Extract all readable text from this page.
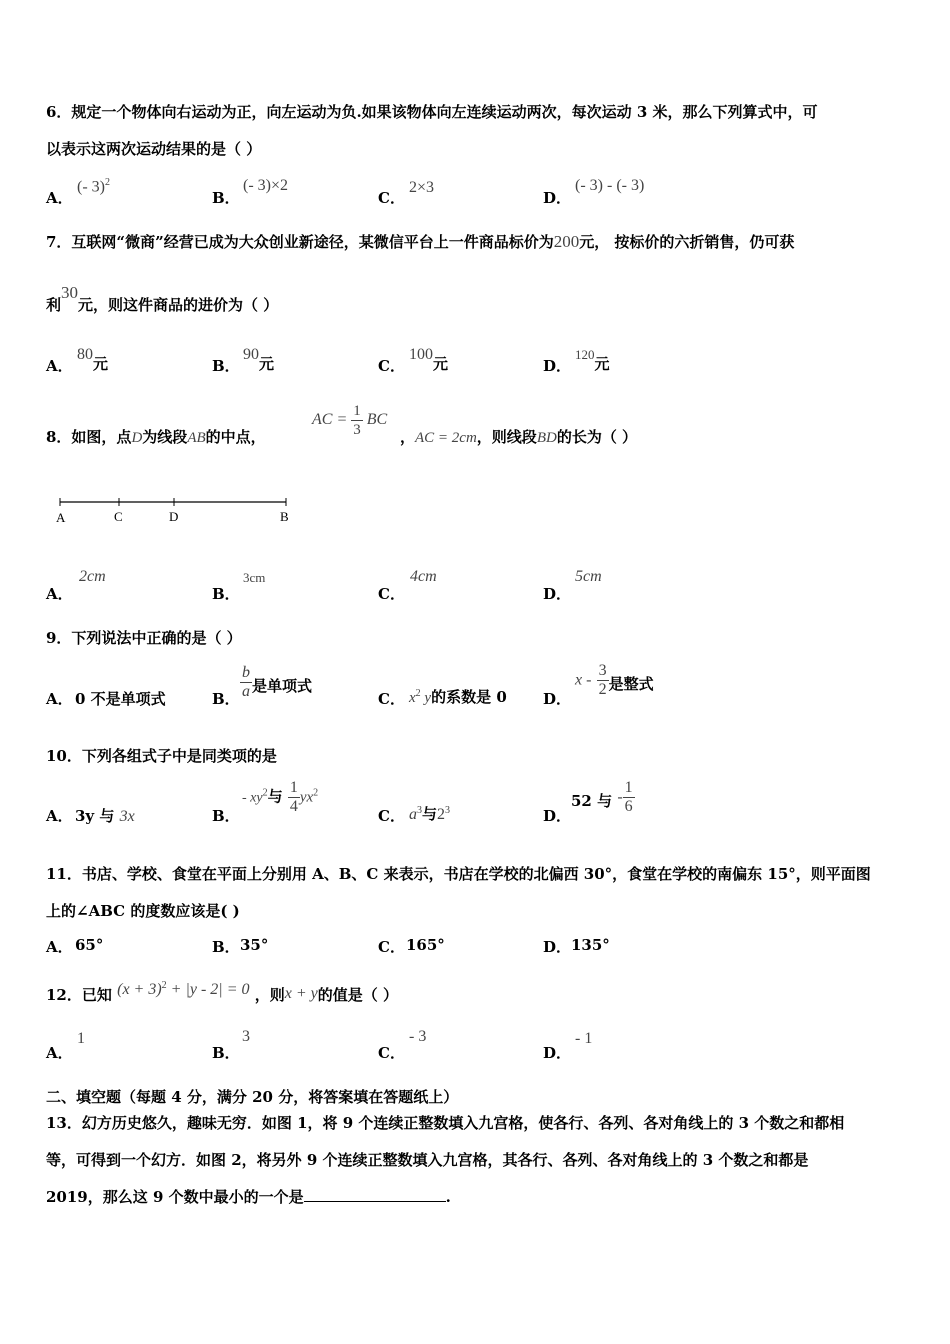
6．规定一个物体向右运动为正，向左运动为负.如果该物体向左连续运动两次，每次运动 3 米，那么下列算式中，可
以表示这两次运动结果的是（ ）
A．
(- 3)$^2$
B．
(- 3)×2
C．
2×3
D．
(- 3) - (- 3)
7．互联网“微商”经营已成为大众创业新途径，某微信平台上一件商品标价为200元， 按标价的六折销售，仍可获
利30元，则这件商品的进价为（ ）
A．
80元	B．
90元	C．
100元	D．
120元
8．如图，点D为线段AB的中点，
AC = $\frac{1}{3}$ BC
，AC = 2cm，则线段BD的长为（ ）
A	C	D	B
A．
2cm
B．
3cm
C．
4cm
D．
5cm
9．下列说法中正确的是（ ）
A． 0 不是单项式	B． $\frac{b}{a}$ 是单项式
C． $x^2$ y的系数是 0 D．
x - $\frac{3}{2}$ 是整式
10．下列各组式子中是同类项的是
A． 3y 与 3x	B．
- $xy^2$与 $\frac{1}{4} yx^2$
C． $a^3$与$2^3$	D．
52 与 - $\frac{1}{6}$
11．书店、学校、食堂在平面上分别用 A、B、C 来表示，书店在学校的北偏西 30°，食堂在学校的南偏东 15°，则平面图
上的∠ABC 的度数应该是( )
A． 65°	B． 35°	C． 165°	D． 135°
12．已知 $(x + 3)^2 + |y - 2| = 0$ ，则x + y的值是（ ）
A．
1
B．
3
C．
- 3
D．
- 1
二、填空题（每题 4 分，满分 20 分，将答案填在答题纸上）
13．幻方历史悠久，趣味无穷．如图 1，将 9 个连续正整数填入九宫格，使各行、各列、各对角线上的 3 个数之和都相
等，可得到一个幻方．如图 2，将另外 9 个连续正整数填入九宫格，其各行、各列、各对角线上的 3 个数之和都是
2019，那么这 9 个数中最小的一个是	.
